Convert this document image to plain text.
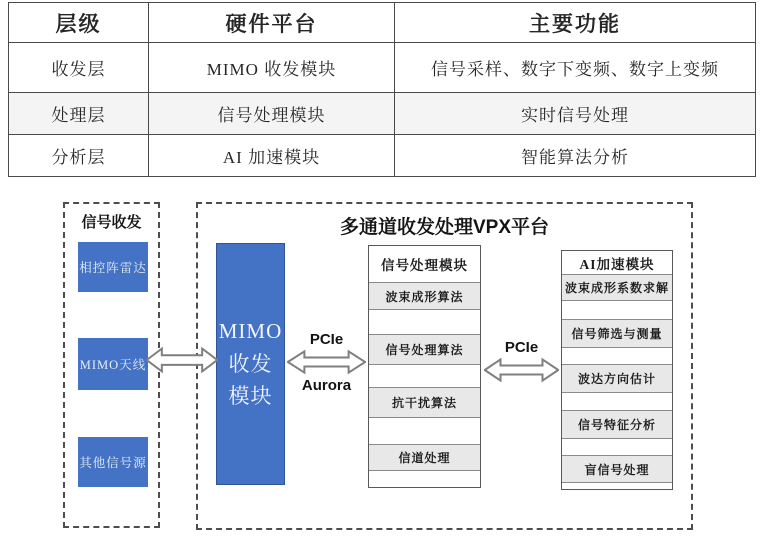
层级	硬件平台	主要功能
收发层	MIMO 收发模块	信号采样、数字下变频、数字上变频
处理层	信号处理模块	实时信号处理
分析层	AI 加速模块	智能算法分析
信号收发
相控阵雷达
MIMO天线
其他信号源
多通道收发处理VPX平台
MIMO
收发
模块
信号处理模块
波束成形算法
信号处理算法
抗干扰算法
信道处理
AI加速模块
波束成形系数求解
信号筛选与测量
波达方向估计
信号特征分析
盲信号处理
PCIe
Aurora
PCIe
